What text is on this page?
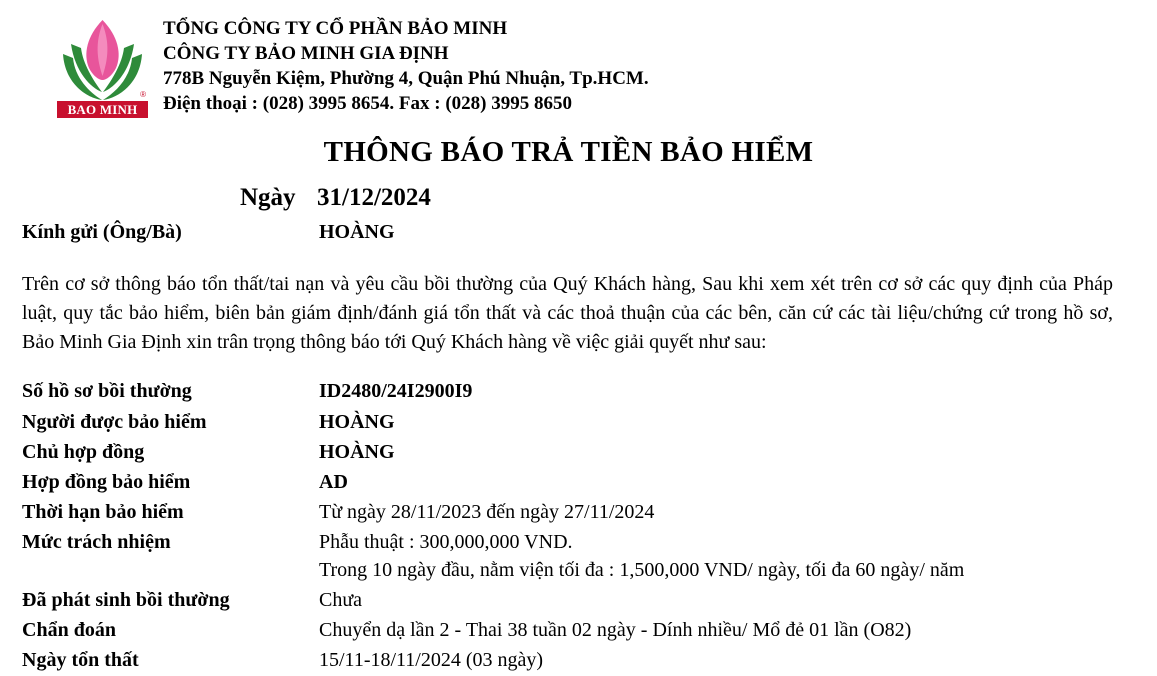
®
BAO MINH
TỔNG CÔNG TY CỔ PHẦN BẢO MINH
CÔNG TY BẢO MINH GIA ĐỊNH
778B Nguyễn Kiệm, Phường 4, Quận Phú Nhuận, Tp.HCM.
Điện thoại : (028) 3995 8654. Fax : (028) 3995 8650
THÔNG BÁO TRẢ TIỀN BẢO HIỂM
Ngày 31/12/2024
Kính gửi (Ông/Bà)	HOÀNG
Trên cơ sở thông báo tổn thất/tai nạn và yêu cầu bồi thường của Quý Khách hàng, Sau khi xem xét trên cơ sở các quy định của Pháp luật, quy tắc bảo hiểm, biên bản giám định/đánh giá tổn thất và các thoả thuận của các bên, căn cứ các tài liệu/chứng cứ trong hồ sơ, Bảo Minh Gia Định xin trân trọng thông báo tới Quý Khách hàng về việc giải quyết như sau:
Số hồ sơ bồi thường	ID2480/24I2900I9
Người được bảo hiểm	HOÀNG
Chủ hợp đồng	HOÀNG
Hợp đồng bảo hiểm	AD
Thời hạn bảo hiểm	Từ ngày 28/11/2023 đến ngày 27/11/2024
Mức trách nhiệm	Phẫu thuật : 300,000,000 VND.
Trong 10 ngày đầu, nằm viện tối đa : 1,500,000 VND/ ngày, tối đa 60 ngày/ năm
Đã phát sinh bồi thường	Chưa
Chẩn đoán	Chuyển dạ lần 2 - Thai 38 tuần 02 ngày - Dính nhiều/ Mổ đẻ 01 lần (O82)
Ngày tổn thất	15/11-18/11/2024 (03 ngày)
